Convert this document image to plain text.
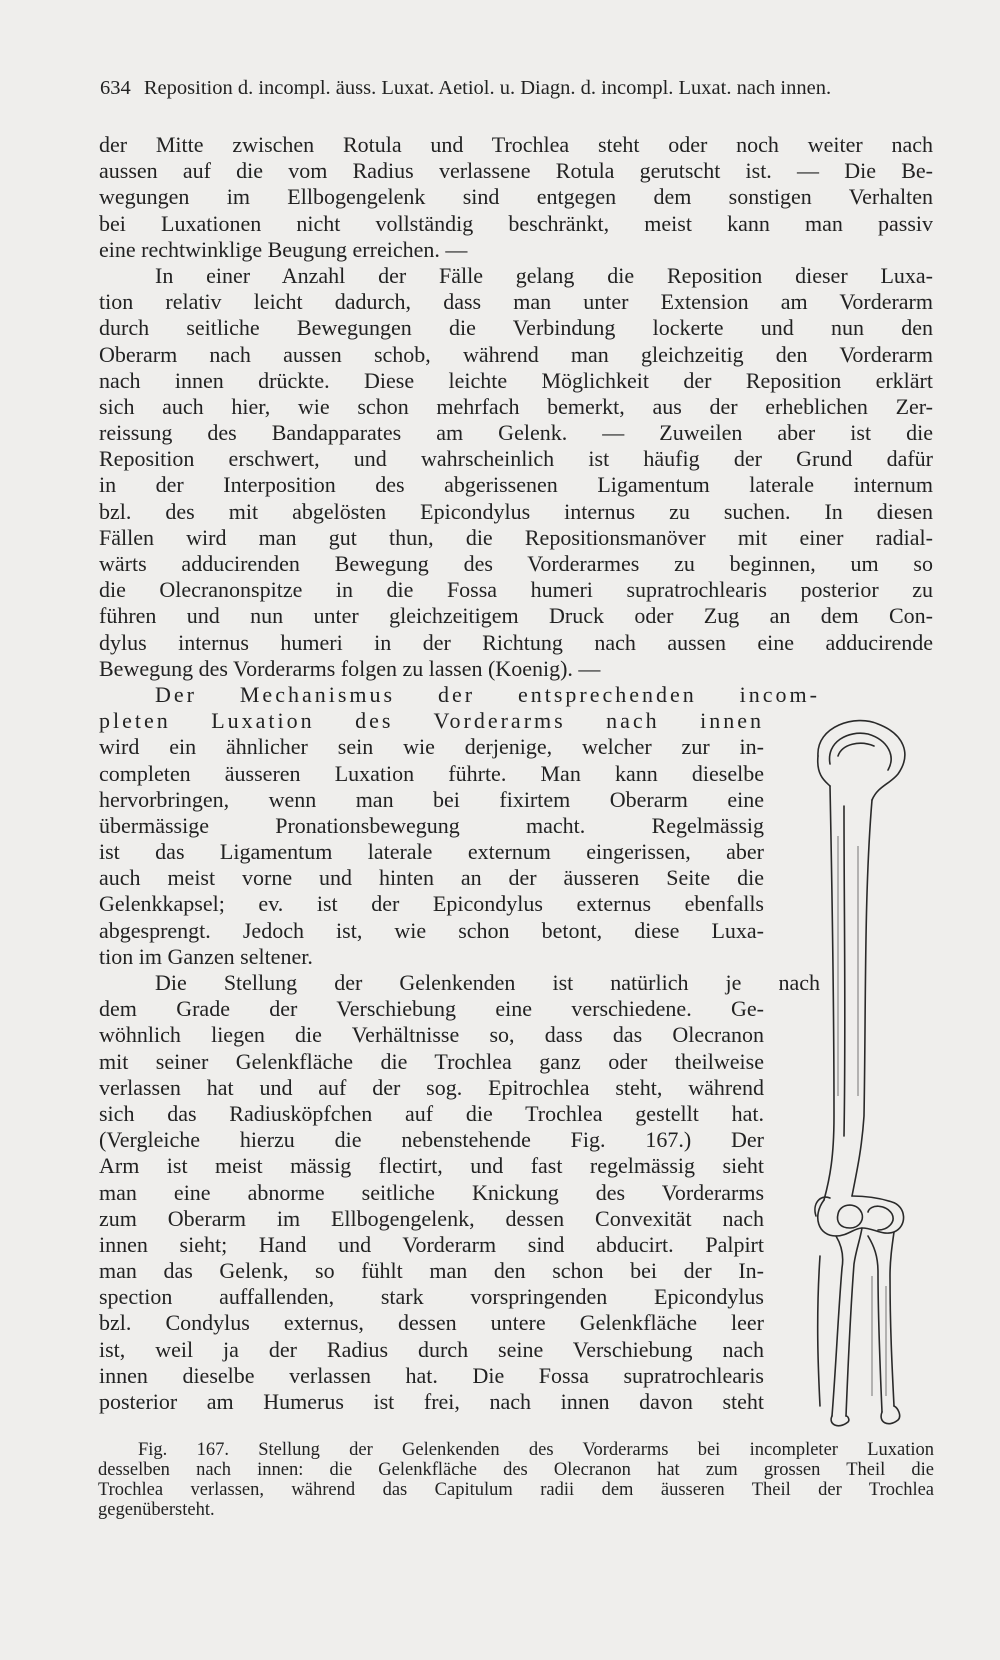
634 Reposition d. incompl. äuss. Luxat. Aetiol. u. Diagn. d. incompl. Luxat. nach innen.
der Mitte zwischen Rotula und Trochlea steht oder noch weiter nach
aussen auf die vom Radius verlassene Rotula gerutscht ist. — Die Be-
wegungen im Ellbogengelenk sind entgegen dem sonstigen Verhalten
bei Luxationen nicht vollständig beschränkt, meist kann man passiv
eine rechtwinklige Beugung erreichen. —
In einer Anzahl der Fälle gelang die Reposition dieser Luxa-
tion relativ leicht dadurch, dass man unter Extension am Vorderarm
durch seitliche Bewegungen die Verbindung lockerte und nun den
Oberarm nach aussen schob, während man gleichzeitig den Vorderarm
nach innen drückte. Diese leichte Möglichkeit der Reposition erklärt
sich auch hier, wie schon mehrfach bemerkt, aus der erheblichen Zer-
reissung des Bandapparates am Gelenk. — Zuweilen aber ist die
Reposition erschwert, und wahrscheinlich ist häufig der Grund dafür
in der Interposition des abgerissenen Ligamentum laterale internum
bzl. des mit abgelösten Epicondylus internus zu suchen. In diesen
Fällen wird man gut thun, die Repositionsmanöver mit einer radial-
wärts adducirenden Bewegung des Vorderarmes zu beginnen, um so
die Olecranonspitze in die Fossa humeri supratrochlearis posterior zu
führen und nun unter gleichzeitigem Druck oder Zug an dem Con-
dylus internus humeri in der Richtung nach aussen eine adducirende
Bewegung des Vorderarms folgen zu lassen (Koenig). —
Der Mechanismus der entsprechenden incom-
pleten Luxation des Vorderarms nach innen
wird ein ähnlicher sein wie derjenige, welcher zur in-
completen äusseren Luxation führte. Man kann dieselbe
hervorbringen, wenn man bei fixirtem Oberarm eine
übermässige Pronationsbewegung macht. Regelmässig
ist das Ligamentum laterale externum eingerissen, aber
auch meist vorne und hinten an der äusseren Seite die
Gelenkkapsel; ev. ist der Epicondylus externus ebenfalls
abgesprengt. Jedoch ist, wie schon betont, diese Luxa-
tion im Ganzen seltener.
Die Stellung der Gelenkenden ist natürlich je nach
dem Grade der Verschiebung eine verschiedene. Ge-
wöhnlich liegen die Verhältnisse so, dass das Olecranon
mit seiner Gelenkfläche die Trochlea ganz oder theilweise
verlassen hat und auf der sog. Epitrochlea steht, während
sich das Radiusköpfchen auf die Trochlea gestellt hat.
(Vergleiche hierzu die nebenstehende Fig. 167.) Der
Arm ist meist mässig flectirt, und fast regelmässig sieht
man eine abnorme seitliche Knickung des Vorderarms
zum Oberarm im Ellbogengelenk, dessen Convexität nach
innen sieht; Hand und Vorderarm sind abducirt. Palpirt
man das Gelenk, so fühlt man den schon bei der In-
spection auffallenden, stark vorspringenden Epicondylus
bzl. Condylus externus, dessen untere Gelenkfläche leer
ist, weil ja der Radius durch seine Verschiebung nach
innen dieselbe verlassen hat. Die Fossa supratrochlearis
posterior am Humerus ist frei, nach innen davon steht
Fig. 167. Stellung der Gelenkenden des Vorderarms bei incompleter Luxation
desselben nach innen: die Gelenkfläche des Olecranon hat zum grossen Theil die
Trochlea verlassen, während das Capitulum radii dem äusseren Theil der Trochlea
gegenübersteht.
